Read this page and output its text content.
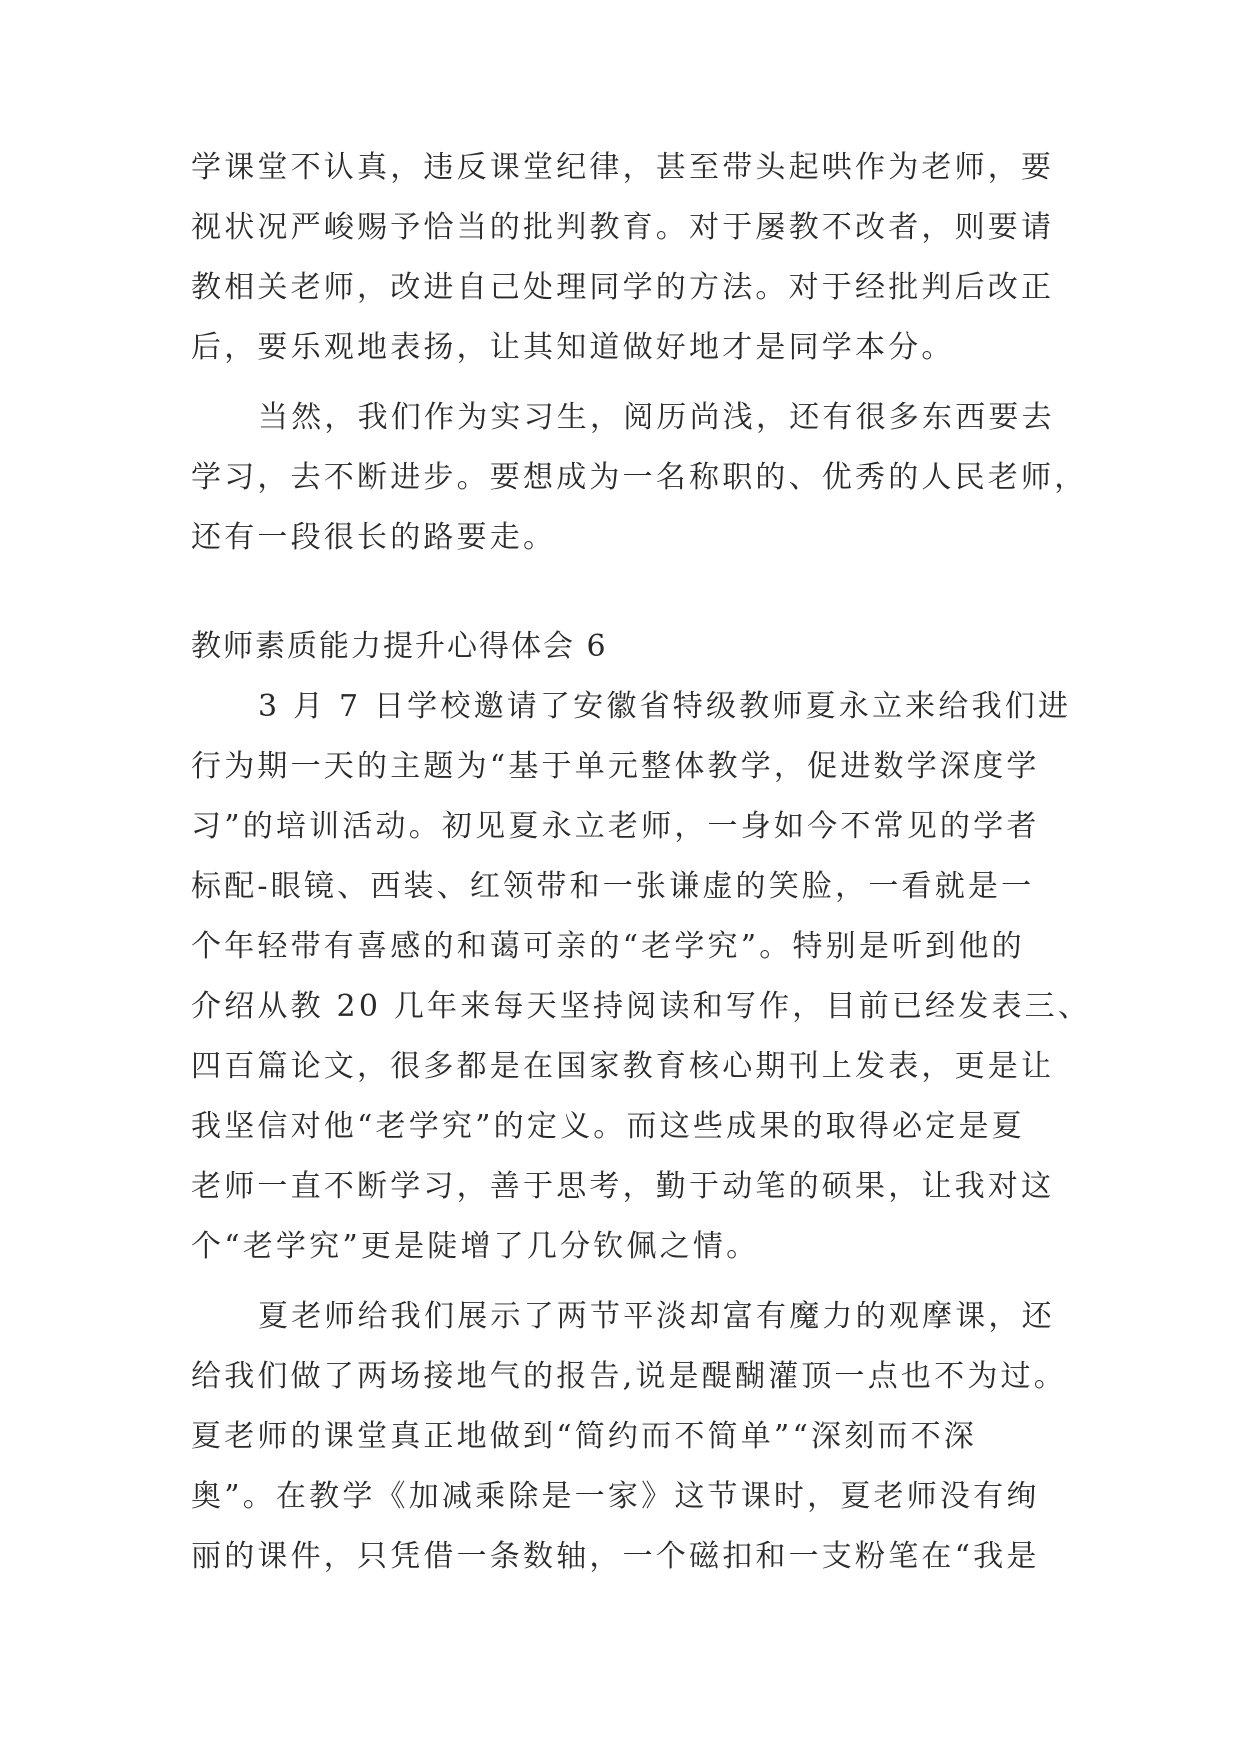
学课堂不认真，违反课堂纪律，甚至带头起哄作为老师，要
视状况严峻赐予恰当的批判教育。对于屡教不改者，则要请
教相关老师，改进自己处理同学的方法。对于经批判后改正
后，要乐观地表扬，让其知道做好地才是同学本分。
当然，我们作为实习生，阅历尚浅，还有很多东西要去
学习，去不断进步。要想成为一名称职的、优秀的人民老师，
还有一段很长的路要走。
教师素质能力提升心得体会 6
3 月 7 日学校邀请了安徽省特级教师夏永立来给我们进
行为期一天的主题为“基于单元整体教学，促进数学深度学
习”的培训活动。初见夏永立老师，一身如今不常见的学者
标配-眼镜、西装、红领带和一张谦虚的笑脸，一看就是一
个年轻带有喜感的和蔼可亲的“老学究”。特别是听到他的
介绍从教 20 几年来每天坚持阅读和写作，目前已经发表三、
四百篇论文，很多都是在国家教育核心期刊上发表，更是让
我坚信对他“老学究”的定义。而这些成果的取得必定是夏
老师一直不断学习，善于思考，勤于动笔的硕果，让我对这
个“老学究”更是陡增了几分钦佩之情。
夏老师给我们展示了两节平淡却富有魔力的观摩课，还
给我们做了两场接地气的报告,说是醍醐灌顶一点也不为过。
夏老师的课堂真正地做到“简约而不简单”“深刻而不深
奥”。在教学《加减乘除是一家》这节课时，夏老师没有绚
丽的课件，只凭借一条数轴，一个磁扣和一支粉笔在“我是
